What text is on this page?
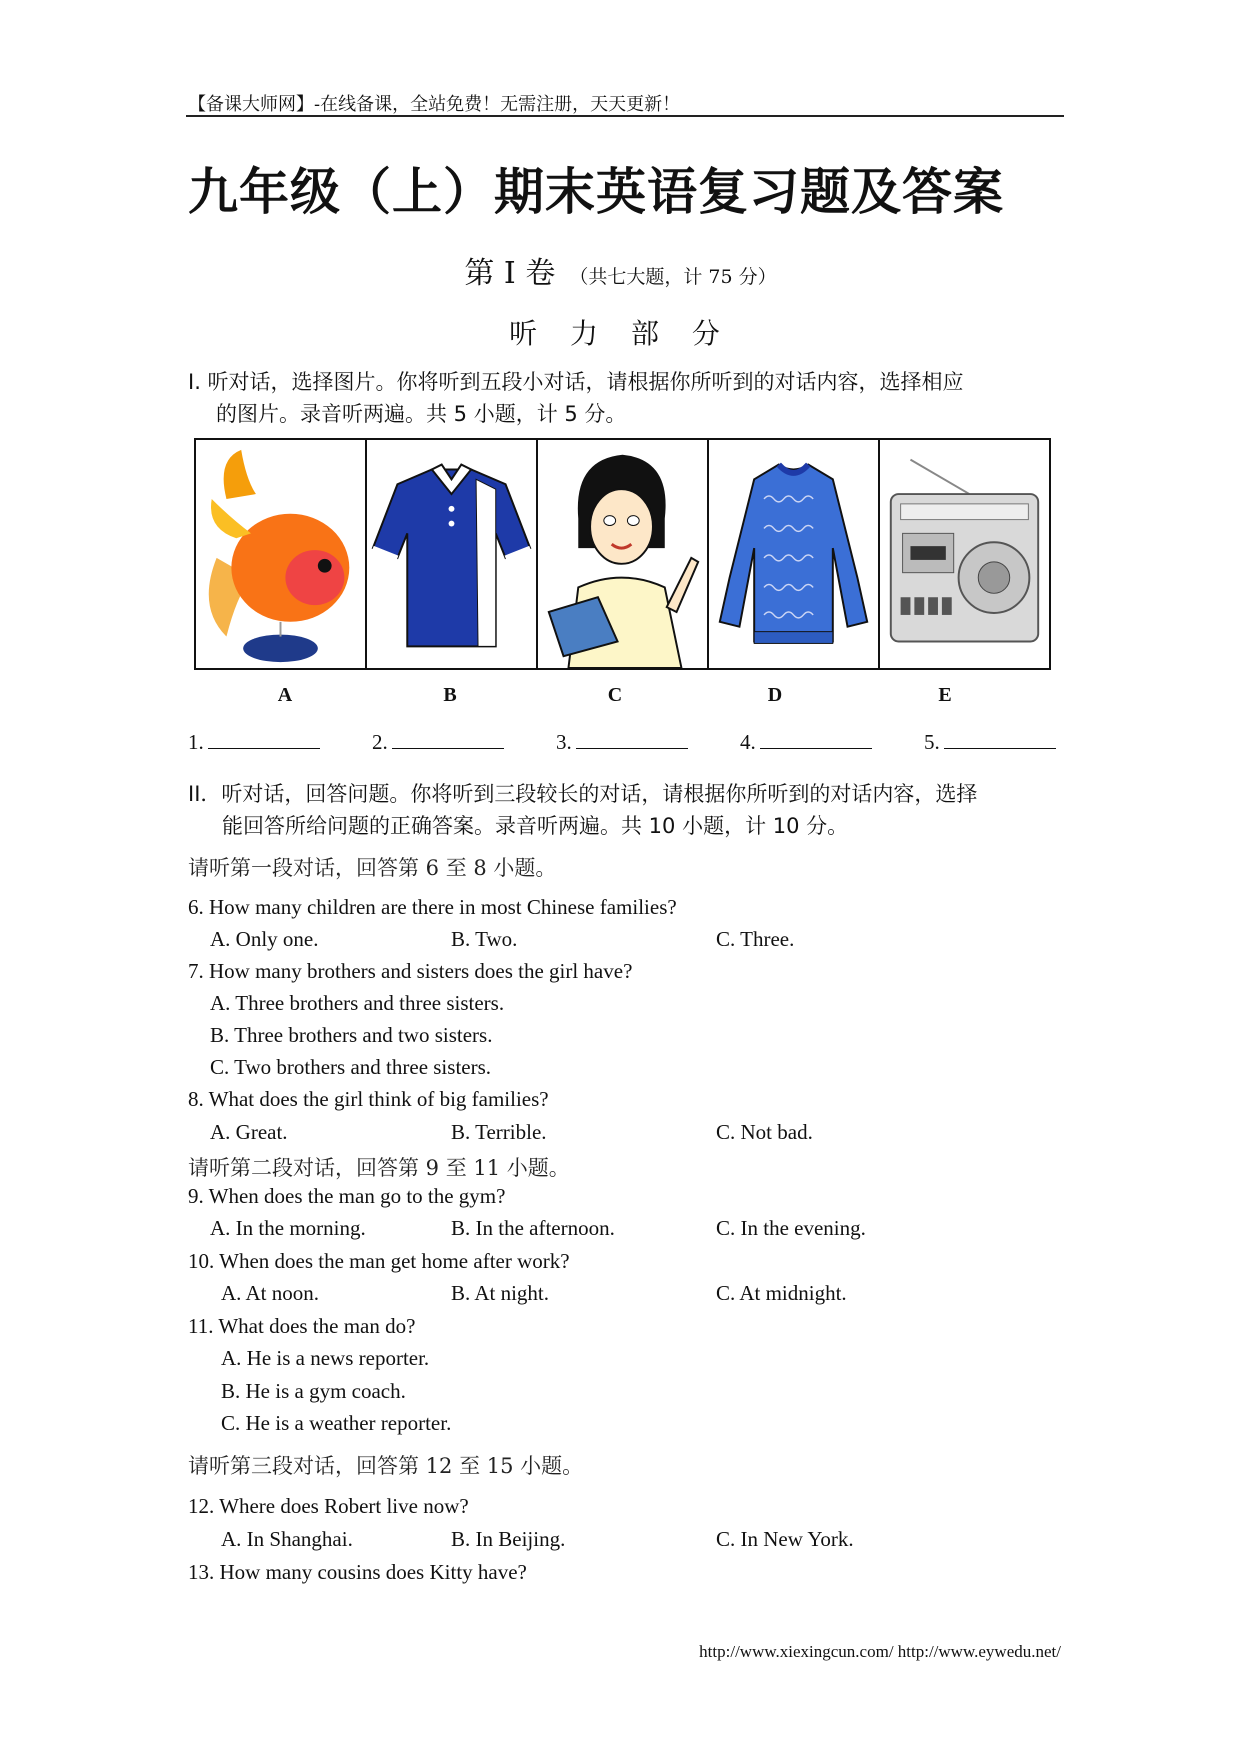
【备课大师网】-在线备课，全站免费！无需注册，天天更新！
九年级（上）期末英语复习题及答案
第 I 卷 （共七大题，计 75 分）
听 力 部 分
I. 听对话，选择图片。你将听到五段小对话，请根据你所听到的对话内容，选择相应
的图片。录音听两遍。共 5 小题，计 5 分。
A	B	C	D	E
1.	2.	3.	4.	5.
II．听对话，回答问题。你将听到三段较长的对话，请根据你所听到的对话内容，选择
能回答所给问题的正确答案。录音听两遍。共 10 小题，计 10 分。
请听第一段对话，回答第 6 至 8 小题。
6. How many children are there in most Chinese families?
A. Only one.	B. Two.	C. Three.
7. How many brothers and sisters does the girl have?
A. Three brothers and three sisters.
B. Three brothers and two sisters.
C. Two brothers and three sisters.
8. What does the girl think of big families?
A. Great.	B. Terrible.	C. Not bad.
请听第二段对话，回答第 9 至 11 小题。
9. When does the man go to the gym?
A. In the morning.	B. In the afternoon.	C. In the evening.
10. When does the man get home after work?
A. At noon.	B. At night.	C. At midnight.
11. What does the man do?
A. He is a news reporter.
B. He is a gym coach.
C. He is a weather reporter.
请听第三段对话，回答第 12 至 15 小题。
12. Where does Robert live now?
A. In Shanghai.	B. In Beijing.	C. In New York.
13. How many cousins does Kitty have?
http://www.xiexingcun.com/ http://www.eywedu.net/
